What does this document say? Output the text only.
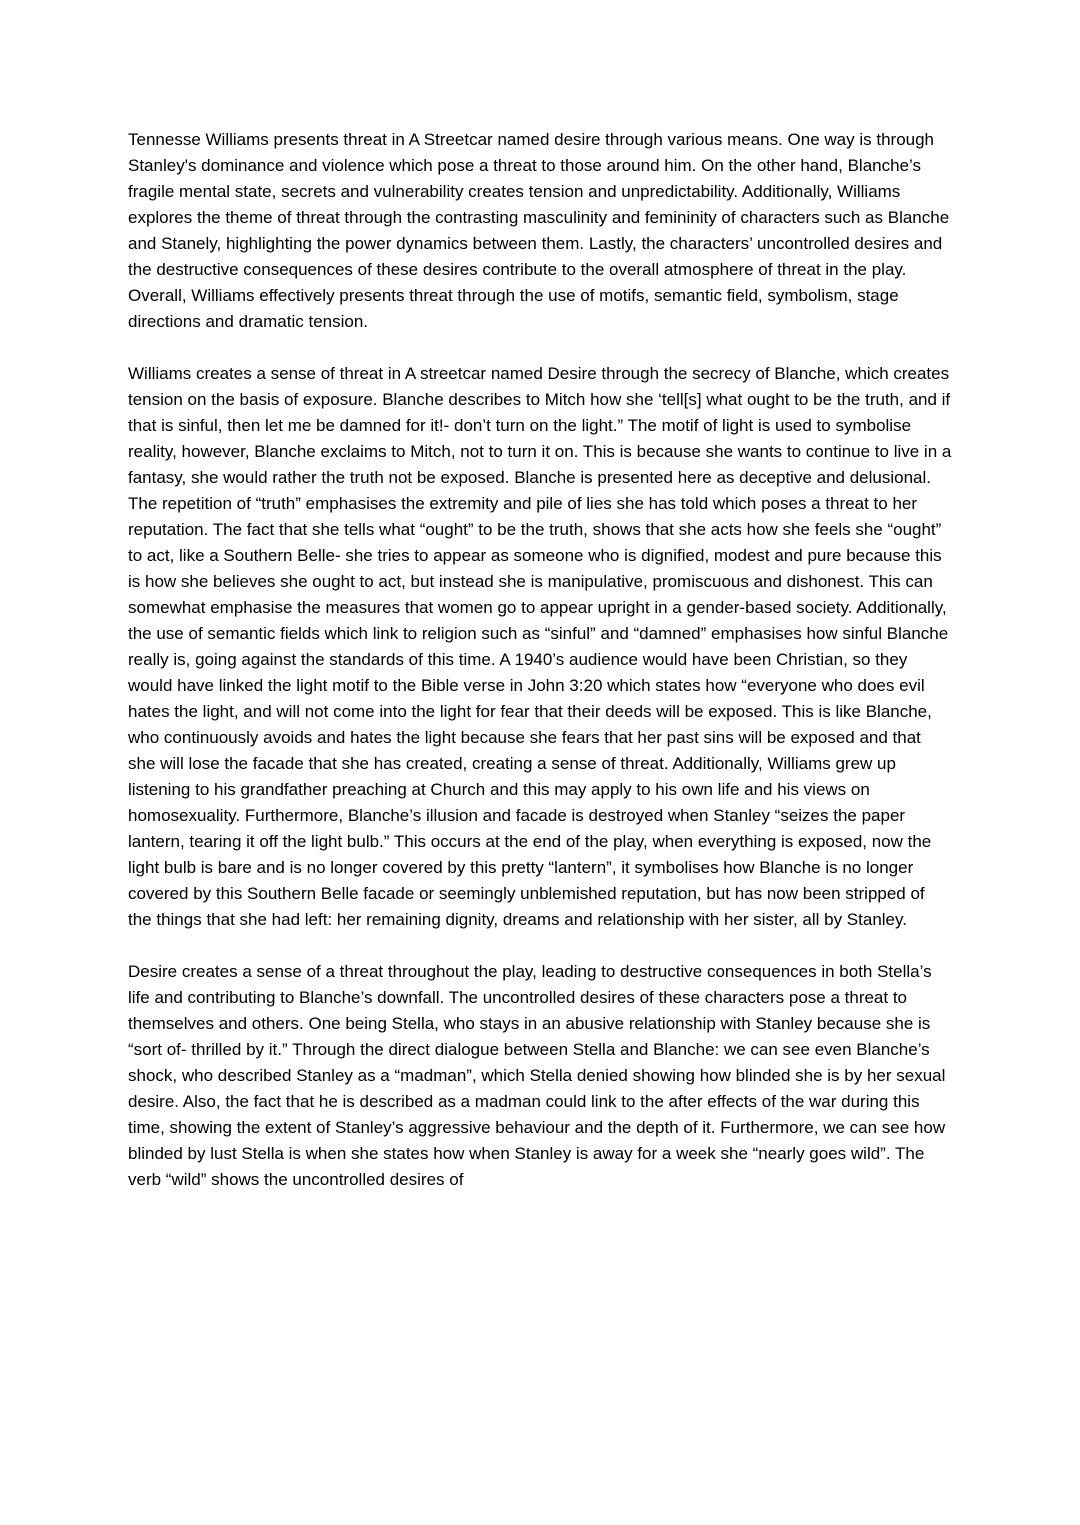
Tennesse Williams presents threat in A Streetcar named desire through various means. One way is through Stanley's dominance and violence which pose a threat to those around him. On the other hand, Blanche’s fragile mental state, secrets and vulnerability creates tension and unpredictability. Additionally, Williams explores the theme of threat through the contrasting masculinity and femininity of characters such as Blanche and Stanely, highlighting the power dynamics between them. Lastly, the characters’ uncontrolled desires and the destructive consequences of these desires contribute to the overall atmosphere of threat in the play. Overall, Williams effectively presents threat through the use of motifs, semantic field, symbolism, stage directions and dramatic tension.

Williams creates a sense of threat in A streetcar named Desire through the secrecy of Blanche, which creates tension on the basis of exposure. Blanche describes to Mitch how she ‘tell[s] what ought to be the truth, and if that is sinful, then let me be damned for it!- don’t turn on the light.” The motif of light is used to symbolise reality, however, Blanche exclaims to Mitch, not to turn it on. This is because she wants to continue to live in a fantasy, she would rather the truth not be exposed. Blanche is presented here as deceptive and delusional. The repetition of “truth” emphasises the extremity and pile of lies she has told which poses a threat to her reputation. The fact that she tells what “ought” to be the truth, shows that she acts how she feels she “ought” to act, like a Southern Belle- she tries to appear as someone who is dignified, modest and pure because this is how she believes she ought to act, but instead she is manipulative, promiscuous and dishonest. This can somewhat emphasise the measures that women go to appear upright in a gender-based society. Additionally, the use of semantic fields which link to religion such as “sinful” and “damned” emphasises how sinful Blanche really is, going against the standards of this time. A 1940’s audience would have been Christian, so they would have linked the light motif to the Bible verse in John 3:20 which states how “everyone who does evil hates the light, and will not come into the light for fear that their deeds will be exposed. This is like Blanche, who continuously avoids and hates the light because she fears that her past sins will be exposed and that she will lose the facade that she has created, creating a sense of threat. Additionally, Williams grew up listening to his grandfather preaching at Church and this may apply to his own life and his views on homosexuality. Furthermore, Blanche’s illusion and facade is destroyed when Stanley “seizes the paper lantern, tearing it off the light bulb.” This occurs at the end of the play, when everything is exposed, now the light bulb is bare and is no longer covered by this pretty “lantern”, it symbolises how Blanche is no longer covered by this Southern Belle facade or seemingly unblemished reputation, but has now been stripped of the things that she had left: her remaining dignity, dreams and relationship with her sister, all by Stanley.

Desire creates a sense of a threat throughout the play, leading to destructive consequences in both Stella’s life and contributing to Blanche’s downfall. The uncontrolled desires of these characters pose a threat to themselves and others. One being Stella, who stays in an abusive relationship with Stanley because she is “sort of- thrilled by it.” Through the direct dialogue between Stella and Blanche: we can see even Blanche’s shock, who described Stanley as a “madman”, which Stella denied showing how blinded she is by her sexual desire. Also, the fact that he is described as a madman could link to the after effects of the war during this time, showing the extent of Stanley’s aggressive behaviour and the depth of it. Furthermore, we can see how blinded by lust Stella is when she states how when Stanley is away for a week she “nearly goes wild”. The verb “wild” shows the uncontrolled desires of
